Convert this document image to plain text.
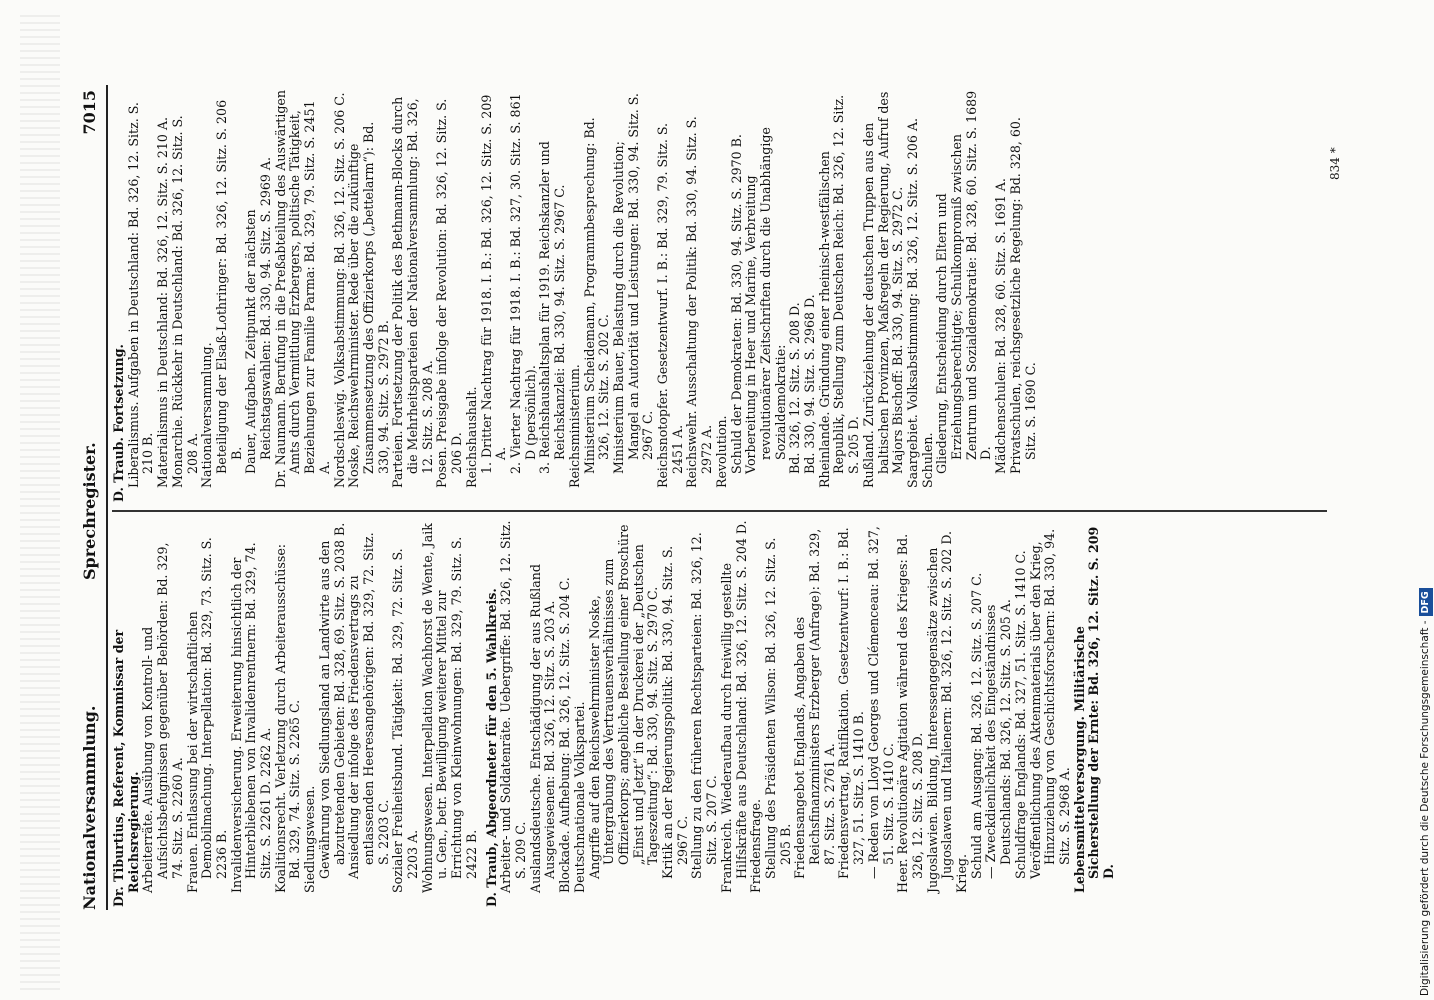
Nationalversammlung.
Sprechregister.
7015
Dr. Tiburtius, Referent, Kommissar der Reichsregierung. Arbeiterräte. Ausübung von Kontroll- und Aufsichtsbefugnissen gegenüber Behörden: Bd. 329, 74. Sitz. S. 2260 A. Frauen. Entlassung bei der wirtschaftlichen Demobilmachung. Interpellation: Bd. 329, 73. Sitz. S. 2236 B. Invalidenversicherung. Erweiterung hinsichtlich der Hinterbliebenen von Invalidenrentnern: Bd. 329, 74. Sitz. S. 2261 D. 2262 A. Koalitionsrecht. Verletzung durch Arbeiterausschüsse: Bd. 329, 74. Sitz. S. 2265 C. Siedlungswesen. Gewährung von Siedlungsland an Landwirte aus den abzutretenden Gebieten: Bd. 328, 69. Sitz. S. 2038 B. Ansiedlung der infolge des Friedensvertrags zu entlassenden Heeresangehörigen: Bd. 329, 72. Sitz. S. 2203 C. Sozialer Freiheitsbund. Tätigkeit: Bd. 329, 72. Sitz. S. 2203 A. Wohnungswesen. Interpellation Wachhorst de Wente, Jaik u. Gen., betr. Bewilligung weiterer Mittel zur Errichtung von Kleinwohnungen: Bd. 329, 79. Sitz. S. 2422 B. D. Traub, Abgeordneter für den 5. Wahlkreis. Arbeiter- und Soldatenräte. Uebergriffe: Bd. 326, 12. Sitz. S. 209 C. Auslandsdeutsche. Entschädigung der aus Rußland Ausgewiesenen: Bd. 326, 12. Sitz. S. 203 A. Blockade. Aufhebung: Bd. 326, 12. Sitz. S. 204 C. Deutschnationale Volkspartei. Angriffe auf den Reichswehrminister Noske, Untergrabung des Vertrauensverhältnisses zum Offizierkorps; angebliche Bestellung einer Broschüre „Einst und Jetzt“ in der Druckerei der „Deutschen Tageszeitung“: Bd. 330, 94. Sitz. S. 2970 C. Kritik an der Regierungspolitik: Bd. 330, 94. Sitz. S. 2967 C. Stellung zu den früheren Rechtsparteien: Bd. 326, 12. Sitz. S. 207 C. Frankreich. Wiederaufbau durch freiwillig gestellte Hilfskräfte aus Deutschland: Bd. 326, 12. Sitz. S. 204 D. Friedensfrage. Stellung des Präsidenten Wilson: Bd. 326, 12. Sitz. S. 205 B. Friedensangebot Englands, Angaben des Reichsfinanzministers Erzberger (Anfrage): Bd. 329, 87. Sitz. S. 2761 A. Friedensvertrag, Ratifikation. Gesetzentwurf: I. B.: Bd. 327, 51. Sitz. S. 1410 B. — Reden von Lloyd Georges und Clémenceau: Bd. 327, 51. Sitz. S. 1410 C. Heer. Revolutionäre Agitation während des Krieges: Bd. 326, 12. Sitz. S. 208 D. Jugoslawien. Bildung, Interessengegensätze zwischen Jugoslawen und Italienern: Bd. 326, 12. Sitz. S. 202 D. Krieg. Schuld am Ausgang: Bd. 326, 12. Sitz. S. 207 C. — Zweckdienlichkeit des Eingeständnisses Deutschlands: Bd. 326, 12. Sitz. S. 205 A. Schuldfrage Englands: Bd. 327, 51. Sitz. S. 1410 C. Veröffentlichung des Aktenmaterials über den Krieg, Hinzuziehung von Geschichtsforschern: Bd. 330, 94. Sitz. S. 2968 A. Lebensmittelversorgung. Militärische Sicherstellung der Ernte: Bd. 326, 12. Sitz. S. 209 D.
D. Traub. Fortsetzung. Liberalismus. Aufgaben in Deutschland: Bd. 326, 12. Sitz. S. 210 B. Materialismus in Deutschland: Bd. 326, 12. Sitz. S. 210 A. Monarchie. Rückkehr in Deutschland: Bd. 326, 12. Sitz. S. 208 A. Nationalversammlung. Beteiligung der Elsaß-Lothringer: Bd. 326, 12. Sitz. S. 206 B. Dauer, Aufgaben. Zeitpunkt der nächsten Reichstagswahlen: Bd. 330, 94. Sitz. S. 2969 A. Dr. Naumann. Berufung in die Preßabteilung des Auswärtigen Amts durch Vermittlung Erzbergers, politische Tätigkeit, Beziehungen zur Familie Parma: Bd. 329, 79. Sitz. S. 2451 A. Nordschleswig. Volksabstimmung: Bd. 326, 12. Sitz. S. 206 C. Noske, Reichswehrminister. Rede über die zukünftige Zusammensetzung des Offizierkorps („bettelarm“): Bd. 330, 94. Sitz. S. 2972 B. Parteien. Fortsetzung der Politik des Bethmann-Blocks durch die Mehrheitsparteien der Nationalversammlung: Bd. 326, 12. Sitz. S. 208 A. Posen. Preisgabe infolge der Revolution: Bd. 326, 12. Sitz. S. 206 D. Reichshaushalt. 1. Dritter Nachtrag für 1918. I. B.: Bd. 326, 12. Sitz. S. 209 A. 2. Vierter Nachtrag für 1918. I. B.: Bd. 327, 30. Sitz. S. 861 D (persönlich). 3. Reichshaushaltsplan für 1919. Reichskanzler und Reichskanzlei: Bd. 330, 94. Sitz. S. 2967 C. Reichsministerium. Ministerium Scheidemann, Programmbesprechung: Bd. 326, 12. Sitz. S. 202 C. Ministerium Bauer, Belastung durch die Revolution; Mangel an Autorität und Leistungen: Bd. 330, 94. Sitz. S. 2967 C. Reichsnotopfer. Gesetzentwurf. I. B.: Bd. 329, 79. Sitz. S. 2451 A. Reichswehr. Ausschaltung der Politik: Bd. 330, 94. Sitz. S. 2972 A. Revolution. Schuld der Demokraten: Bd. 330, 94. Sitz. S. 2970 B. Vorbereitung in Heer und Marine, Verbreitung revolutionärer Zeitschriften durch die Unabhängige Sozialdemokratie: Bd. 326, 12. Sitz. S. 208 D. Bd. 330, 94. Sitz. S. 2968 D. Rheinlande. Gründung einer rheinisch-westfälischen Republik, Stellung zum Deutschen Reich: Bd. 326, 12. Sitz. S. 205 D. Rußland. Zurückziehung der deutschen Truppen aus den baltischen Provinzen, Maßregeln der Regierung, Aufruf des Majors Bischoff: Bd. 330, 94. Sitz. S. 2972 C. Saargebiet. Volksabstimmung: Bd. 326, 12. Sitz. S. 206 A. Schulen. Gliederung, Entscheidung durch Eltern und Erziehungsberechtigte; Schulkompromiß zwischen Zentrum und Sozialdemokratie: Bd. 328, 60. Sitz. S. 1689 D. Mädchenschulen: Bd. 328, 60. Sitz. S. 1691 A. Privatschulen, reichsgesetzliche Regelung: Bd. 328, 60. Sitz. S. 1690 C.
834 *
Digitalisierung gefördert durch die Deutsche Forschungsgemeinschaft -DFG
